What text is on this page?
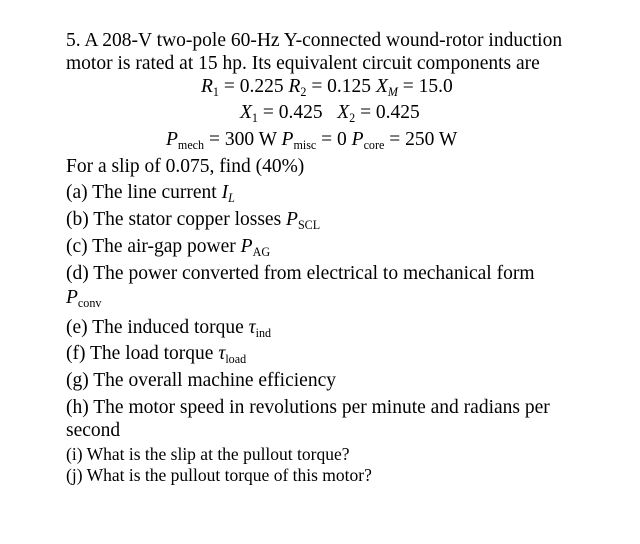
5. A 208-V two-pole 60-Hz Y-connected wound-rotor induction
motor is rated at 15 hp. Its equivalent circuit components are
$R_1 = 0.225$ $R_2 = 0.125$ $X_M = 15.0$
$X_1 = 0.425$   $X_2 = 0.425$
$P_{mech} = 300$ W $P_{misc} = 0$ $P_{core} = 250$ W
For a slip of 0.075, find (40%)
(a) The line current $I_L$
(b) The stator copper losses $P_{SCL}$
(c) The air-gap power $P_{AG}$
(d) The power converted from electrical to mechanical form
$P_{conv}$
(e) The induced torque $\tau_{ind}$
(f) The load torque $\tau_{load}$
(g) The overall machine efficiency
(h) The motor speed in revolutions per minute and radians per
second
(i) What is the slip at the pullout torque?
(j) What is the pullout torque of this motor?
